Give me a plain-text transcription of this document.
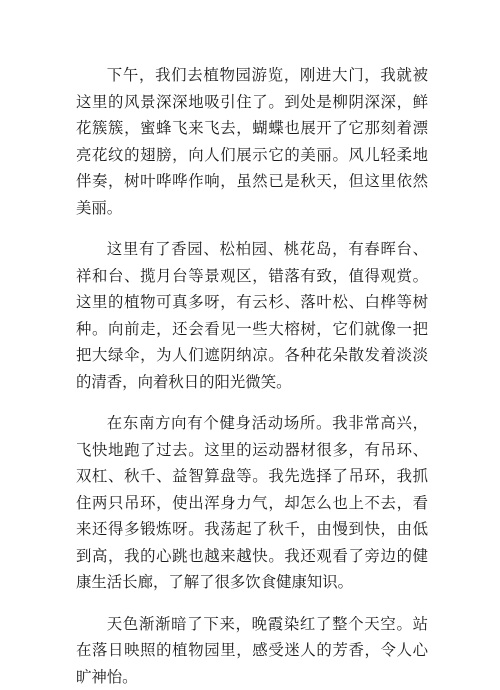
下午，我们去植物园游览，刚进大门，我就被这里的风景深深地吸引住了。到处是柳阴深深，鲜花簇簇，蜜蜂飞来飞去，蝴蝶也展开了它那刻着漂亮花纹的翅膀，向人们展示它的美丽。风儿轻柔地伴奏，树叶哗哗作响，虽然已是秋天，但这里依然美丽。

这里有了香园、松柏园、桃花岛，有春晖台、祥和台、揽月台等景观区，错落有致，值得观赏。这里的植物可真多呀，有云杉、落叶松、白桦等树种。向前走，还会看见一些大榕树，它们就像一把把大绿伞，为人们遮阴纳凉。各种花朵散发着淡淡的清香，向着秋日的阳光微笑。

在东南方向有个健身活动场所。我非常高兴，飞快地跑了过去。这里的运动器材很多，有吊环、双杠、秋千、益智算盘等。我先选择了吊环，我抓住两只吊环，使出浑身力气，却怎么也上不去，看来还得多锻炼呀。我荡起了秋千，由慢到快，由低到高，我的心跳也越来越快。我还观看了旁边的健康生活长廊，了解了很多饮食健康知识。

天色渐渐暗了下来，晚霞染红了整个天空。站在落日映照的植物园里，感受迷人的芳香，令人心旷神怡。
